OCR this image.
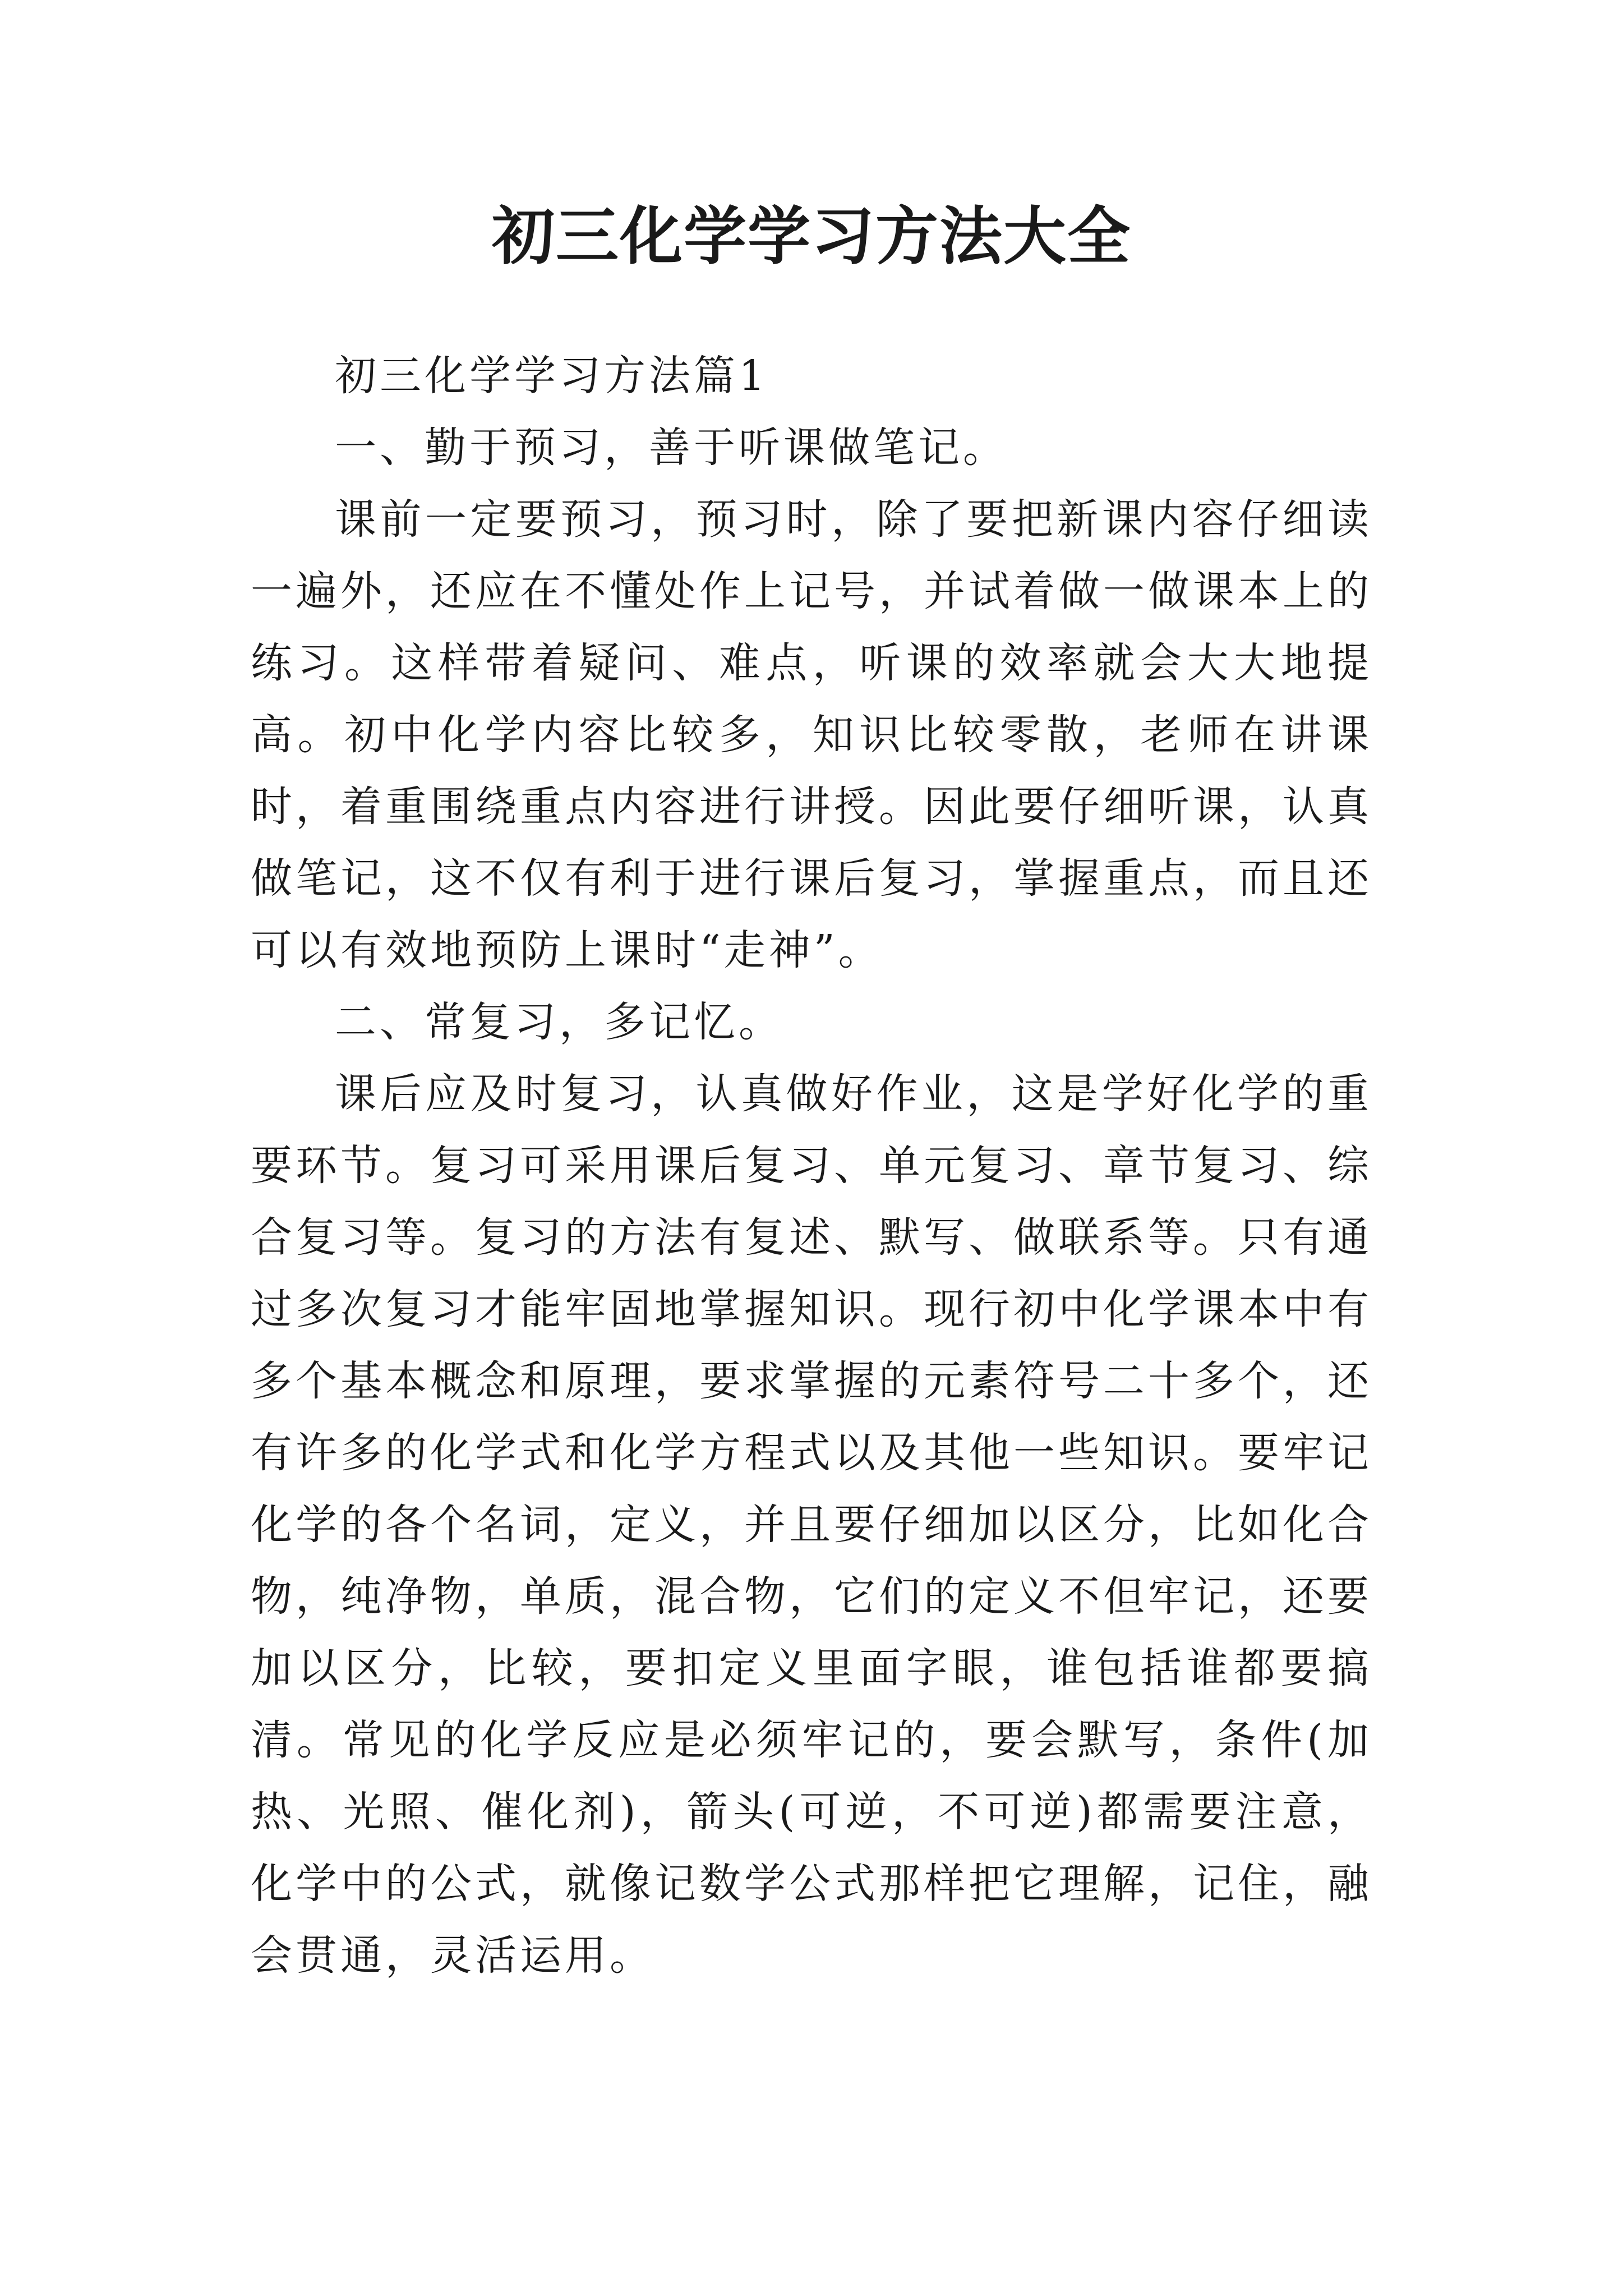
初三化学学习方法大全

初三化学学习方法篇1

一、勤于预习，善于听课做笔记。

课前一定要预习，预习时，除了要把新课内容仔细读一遍外，还应在不懂处作上记号，并试着做一做课本上的练习。这样带着疑问、难点，听课的效率就会大大地提高。初中化学内容比较多，知识比较零散，老师在讲课时，着重围绕重点内容进行讲授。因此要仔细听课，认真做笔记，这不仅有利于进行课后复习，掌握重点，而且还可以有效地预防上课时“走神”。

二、常复习，多记忆。

课后应及时复习，认真做好作业，这是学好化学的重要环节。复习可采用课后复习、单元复习、章节复习、综合复习等。复习的方法有复述、默写、做联系等。只有通过多次复习才能牢固地掌握知识。现行初中化学课本中有多个基本概念和原理，要求掌握的元素符号二十多个，还有许多的化学式和化学方程式以及其他一些知识。要牢记化学的各个名词，定义，并且要仔细加以区分，比如化合物，纯净物，单质，混合物，它们的定义不但牢记，还要加以区分，比较，要扣定义里面字眼，谁包括谁都要搞清。常见的化学反应是必须牢记的，要会默写，条件(加热、光照、催化剂)，箭头(可逆，不可逆)都需要注意，化学中的公式，就像记数学公式那样把它理解，记住，融会贯通，灵活运用。
